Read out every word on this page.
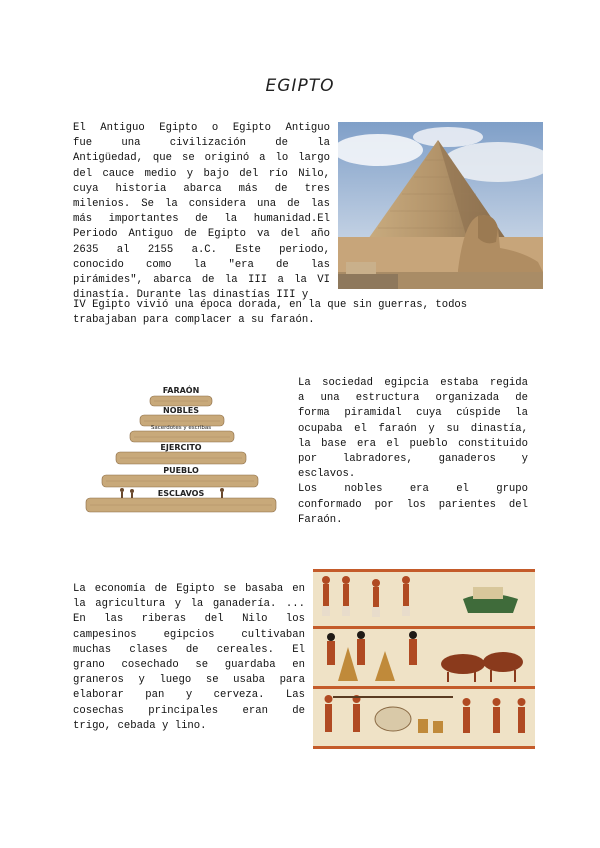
EGIPTO

El Antiguo Egipto o Egipto Antiguo

fue una civilización de la

Antigüedad, que se originó a lo largo

del cauce medio y bajo del río Nilo,

cuya historia abarca más de tres

milenios. Se la considera una de las

más importantes de la humanidad.El

Periodo Antiguo de Egipto va del año

2635 al 2155 a.C. Este periodo,

conocido como la "era de las

pirámides", abarca de la III a la VI

dinastía. Durante las dinastías III y

IV Egipto vivió una época dorada, en la que sin guerras, todos

trabajaban para complacer a su faraón.

FARAÓN
NOBLES
Sacerdotes y escribas
EJERCITO
PUEBLO
ESCLAVOS

La sociedad egipcia estaba regida

a una estructura organizada de

forma piramidal cuya cúspide la

ocupaba el faraón y su dinastía,

la base era el pueblo constituido

por labradores, ganaderos y

esclavos.

Los nobles era el grupo

conformado por los parientes del

Faraón.

La economía de Egipto se basaba en

la agricultura y la ganadería. ...

En las riberas del Nilo los

campesinos egipcios cultivaban

muchas clases de cereales. El

grano cosechado se guardaba en

graneros y luego se usaba para

elaborar pan y cerveza. Las

cosechas principales eran de

trigo, cebada y lino.
